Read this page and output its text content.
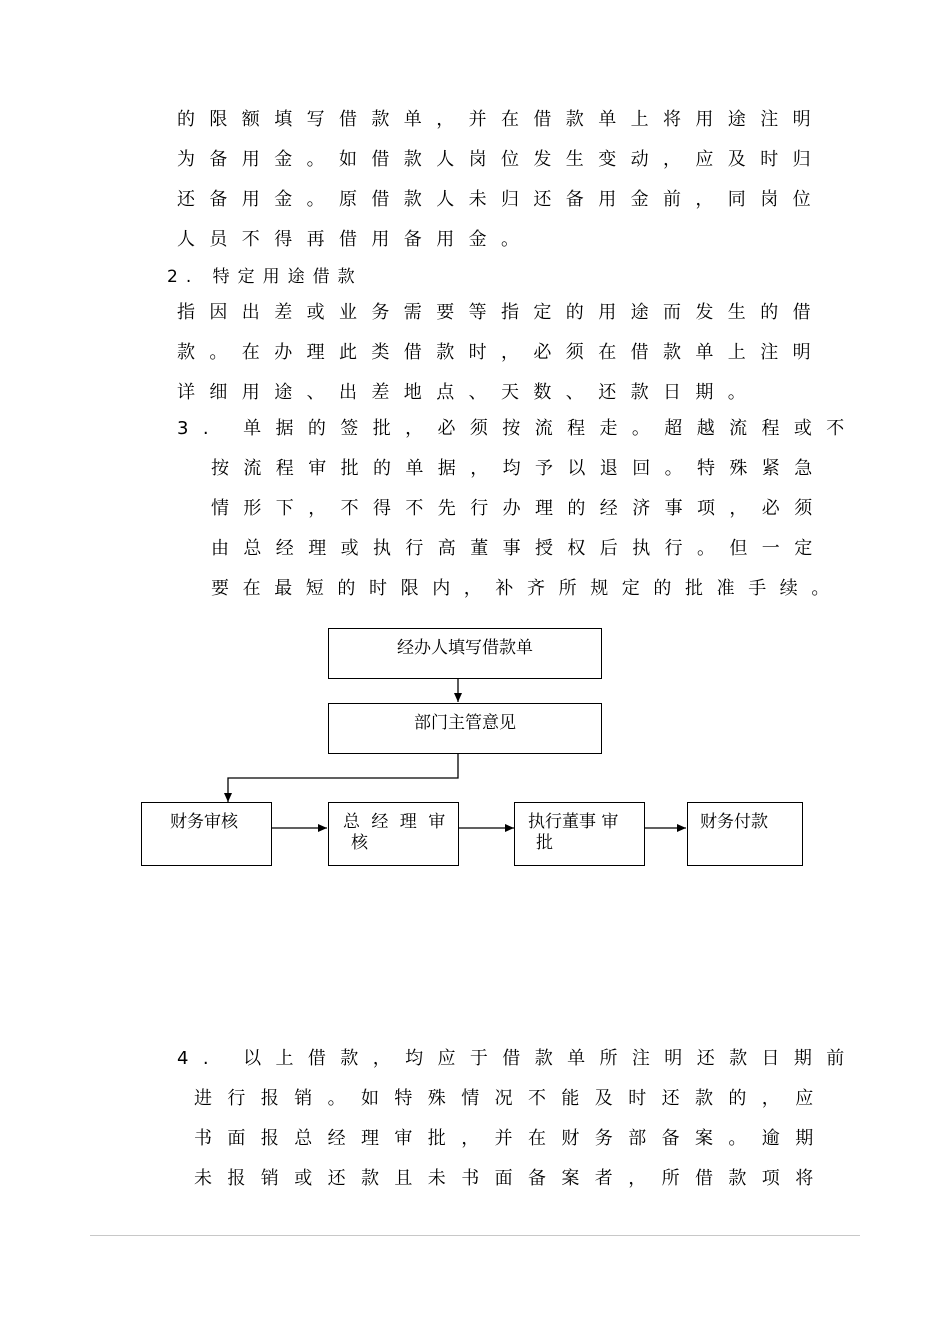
的限额填写借款单，并在借款单上将用途注明
为备用金。如借款人岗位发生变动，应及时归
还备用金。原借款人未归还备用金前，同岗位
人员不得再借用备用金。
2. 特定用途借款
指因出差或业务需要等指定的用途而发生的借
款。在办理此类借款时，必须在借款单上注明
详细用途、出差地点、天数、还款日期。
3. 单据的签批，必须按流程走。超越流程或不
按流程审批的单据，均予以退回。特殊紧急
情形下，不得不先行办理的经济事项，必须
由总经理或执行高董事授权后执行。但一定
要在最短的时限内，补齐所规定的批准手续。
经办人填写借款单
部门主管意见
财务审核	总 经 理 审
核
执行董事 审
批
财务付款
4. 以上借款，均应于借款单所注明还款日期前
进行报销。如特殊情况不能及时还款的，应
书面报总经理审批，并在财务部备案。逾期
未报销或还款且未书面备案者，所借款项将
